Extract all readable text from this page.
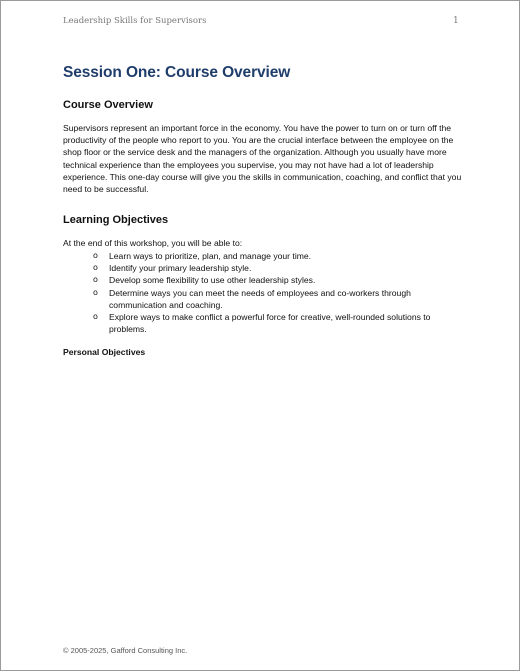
Leadership Skills for Supervisors	1
Session One: Course Overview
Course Overview

Supervisors represent an important force in the economy. You have the power to turn on or turn off the productivity of the people who report to you. You are the crucial interface between the employee on the shop floor or the service desk and the managers of the organization. Although you usually have more technical experience than the employees you supervise, you may not have had a lot of leadership experience. This one-day course will give you the skills in communication, coaching, and conflict that you need to be successful.

Learning Objectives

At the end of this workshop, you will be able to:

o Learn ways to prioritize, plan, and manage your time.
o Identify your primary leadership style.
o Develop some flexibility to use other leadership styles.
o Determine ways you can meet the needs of employees and co-workers through communication and coaching.
o Explore ways to make conflict a powerful force for creative, well-rounded solutions to problems.
Personal Objectives
© 2005-2025, Gafford Consulting Inc.
